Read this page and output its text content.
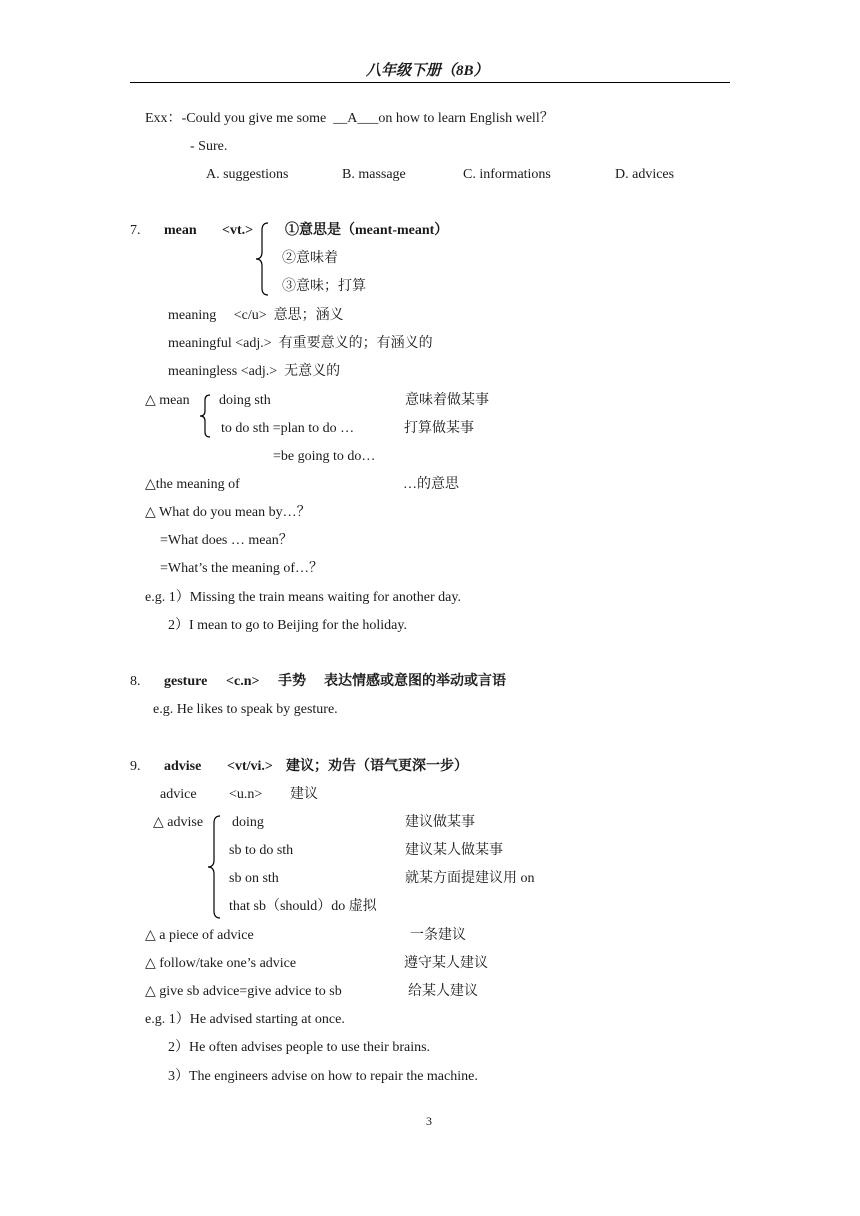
八年级下册（8B）
Exx：-Could you give me some __A___on how to learn English well？
- Sure.
A. suggestions	B. massage	C. informations	D. advices
7. mean <vt.> ①意思是（meant-meant）
②意味着
③意味；打算
meaning <c/u> 意思；涵义
meaningful <adj.> 有重要意义的；有涵义的
meaningless <adj.> 无意义的
△ mean doing sth	意味着做某事
to do sth =plan to do …	打算做某事
=be going to do…
△the meaning of	…的意思
△ What do you mean by…？
=What does … mean？
=What’s the meaning of…？
e.g. 1）Missing the train means waiting for another day.
2）I mean to go to Beijing for the holiday.
8. gesture <c.n> 手势 表达情感或意图的举动或言语
e.g. He likes to speak by gesture.
9. advise <vt/vi.> 建议；劝告（语气更深一步）
advice <u.n> 建议
△ advise doing	建议做某事
sb to do sth	建议某人做某事
sb on sth	就某方面提建议用 on
that sb（should）do 虚拟
△ a piece of advice	一条建议
△ follow/take one’s advice	遵守某人建议
△ give sb advice=give advice to sb	给某人建议
e.g. 1）He advised starting at once.
2）He often advises people to use their brains.
3）The engineers advise on how to repair the machine.
3
